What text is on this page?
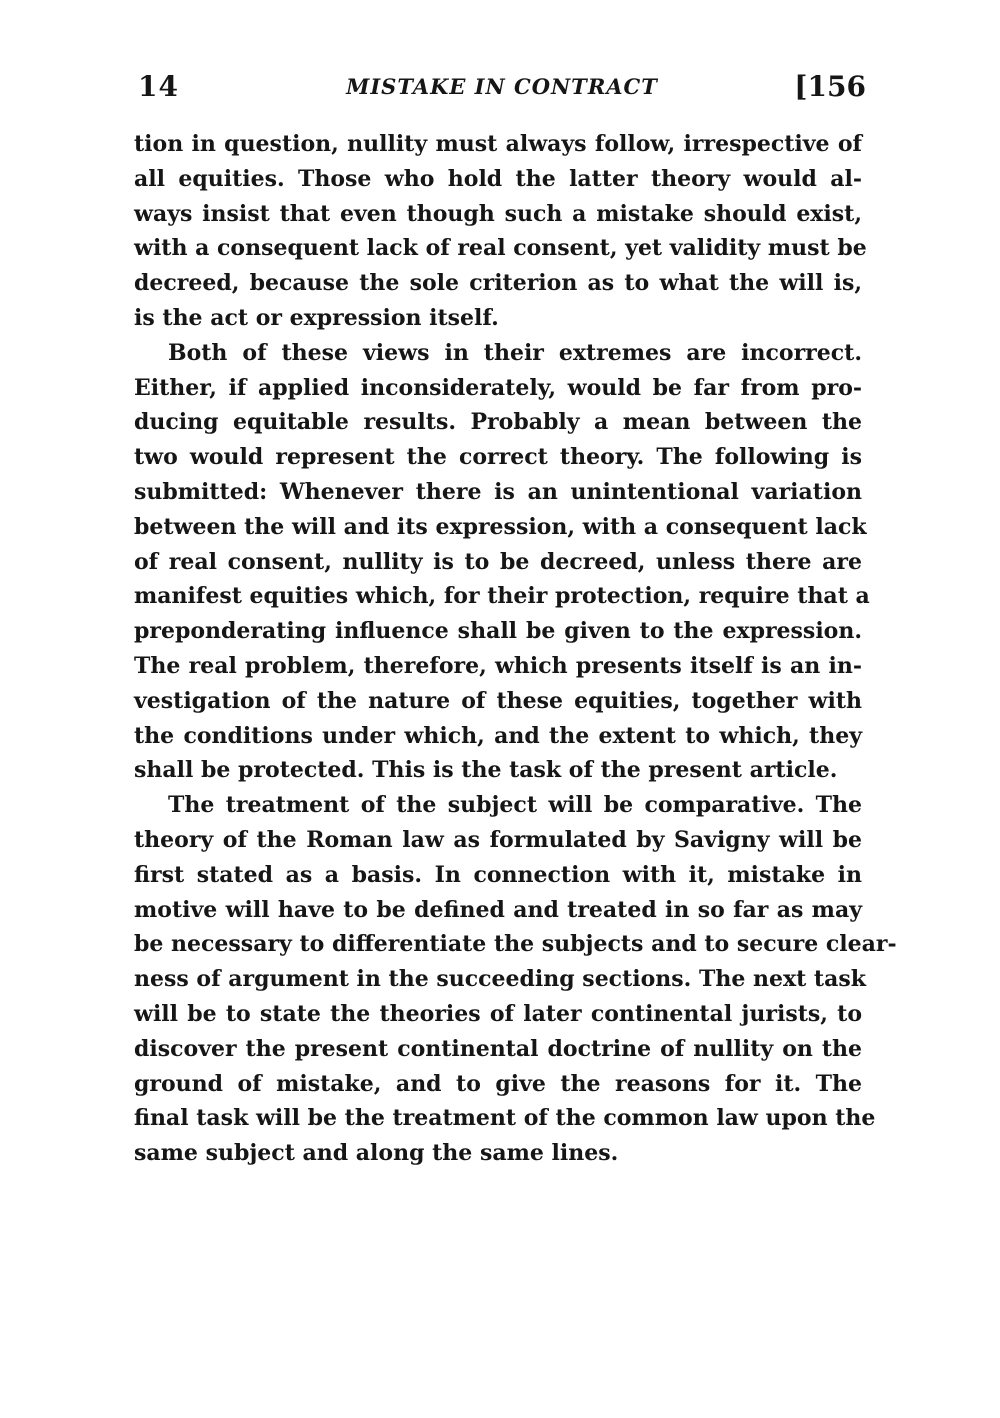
14	MISTAKE IN CONTRACT	[156
tion in question, nullity must always follow, irrespective of
all equities. Those who hold the latter theory would al-
ways insist that even though such a mistake should exist,
with a consequent lack of real consent, yet validity must be
decreed, because the sole criterion as to what the will is,
is the act or expression itself.
Both of these views in their extremes are incorrect.
Either, if applied inconsiderately, would be far from pro-
ducing equitable results. Probably a mean between the
two would represent the correct theory. The following is
submitted: Whenever there is an unintentional variation
between the will and its expression, with a consequent lack
of real consent, nullity is to be decreed, unless there are
manifest equities which, for their protection, require that a
preponderating influence shall be given to the expression.
The real problem, therefore, which presents itself is an in-
vestigation of the nature of these equities, together with
the conditions under which, and the extent to which, they
shall be protected. This is the task of the present article.
The treatment of the subject will be comparative. The
theory of the Roman law as formulated by Savigny will be
first stated as a basis. In connection with it, mistake in
motive will have to be defined and treated in so far as may
be necessary to differentiate the subjects and to secure clear-
ness of argument in the succeeding sections. The next task
will be to state the theories of later continental jurists, to
discover the present continental doctrine of nullity on the
ground of mistake, and to give the reasons for it. The
final task will be the treatment of the common law upon the
same subject and along the same lines.
